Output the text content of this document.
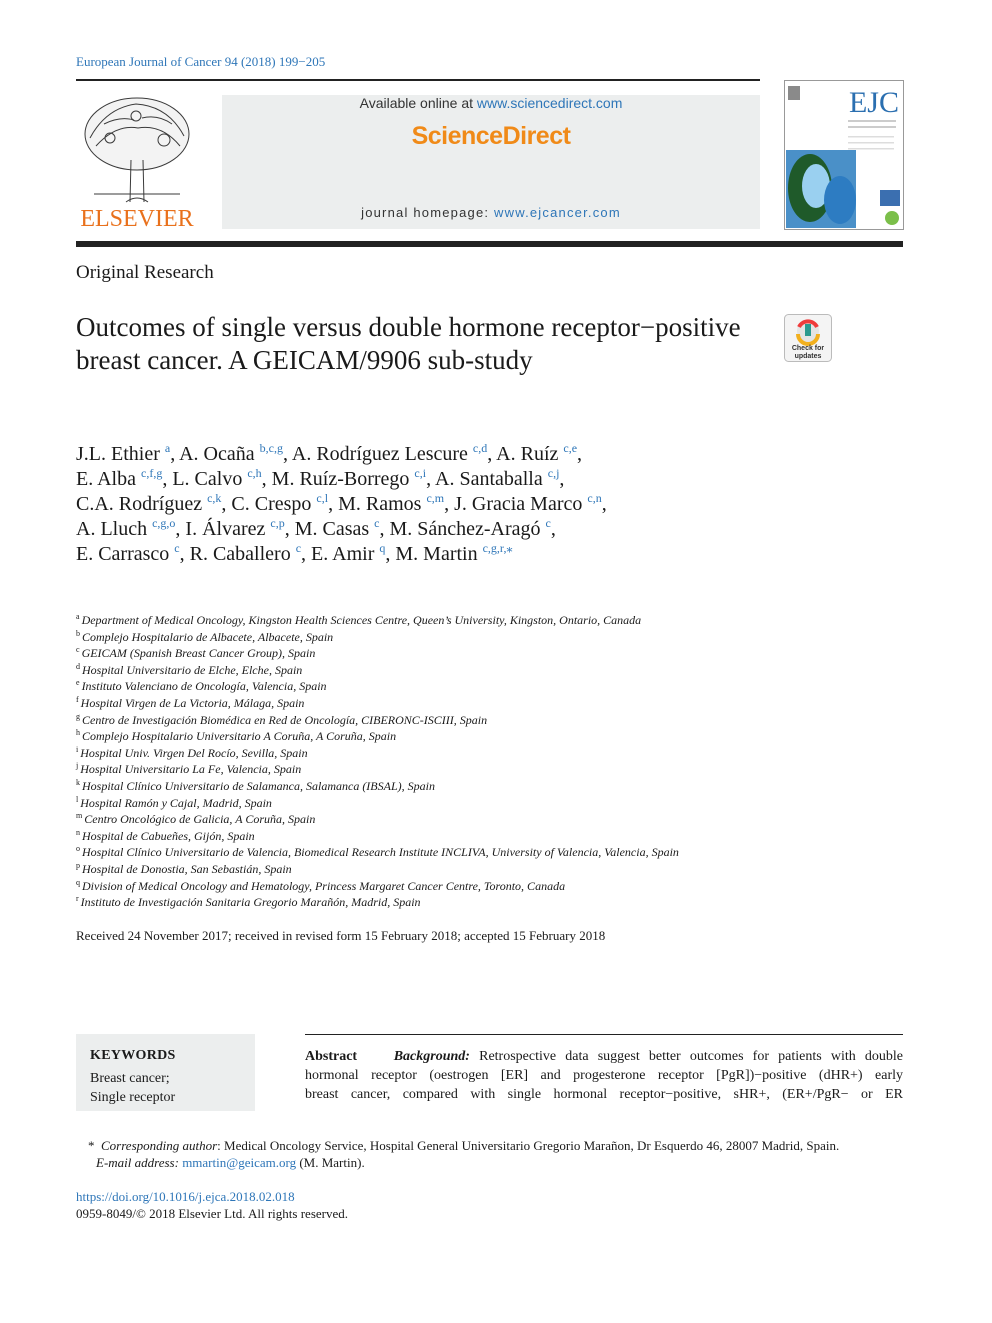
European Journal of Cancer 94 (2018) 199−205
ELSEVIER
Available online at www.sciencedirect.com
ScienceDirect
journal homepage: www.ejcancer.com
EJC
Original Research
Outcomes of single versus double hormone receptor−positive breast cancer. A GEICAM/9906 sub-study	Check for
updates
J.L. Ethier $^a$, A. Ocaña $^{b,c,g}$, A. Rodríguez Lescure $^{c,d}$, A. Ruíz $^{c,e}$,
E. Alba $^{c,f,g}$, L. Calvo $^{c,h}$, M. Ruíz-Borrego $^{c,i}$, A. Santaballa $^{c,j}$,
C.A. Rodríguez $^{c,k}$, C. Crespo $^{c,l}$, M. Ramos $^{c,m}$, J. Gracia Marco $^{c,n}$,
A. Lluch $^{c,g,o}$, I. Álvarez $^{c,p}$, M. Casas $^c$, M. Sánchez-Aragó $^c$,
E. Carrasco $^c$, R. Caballero $^c$, E. Amir $^q$, M. Martin $^{c,g,r,⁎}$
$^a$ Department of Medical Oncology, Kingston Health Sciences Centre, Queen’s University, Kingston, Ontario, Canada
$^b$ Complejo Hospitalario de Albacete, Albacete, Spain
$^c$ GEICAM (Spanish Breast Cancer Group), Spain
$^d$ Hospital Universitario de Elche, Elche, Spain
$^e$ Instituto Valenciano de Oncología, Valencia, Spain
$^f$ Hospital Virgen de La Victoria, Málaga, Spain
$^g$ Centro de Investigación Biomédica en Red de Oncología, CIBERONC-ISCIII, Spain
$^h$ Complejo Hospitalario Universitario A Coruña, A Coruña, Spain
$^i$ Hospital Univ. Virgen Del Rocío, Sevilla, Spain
$^j$ Hospital Universitario La Fe, Valencia, Spain
$^k$ Hospital Clínico Universitario de Salamanca, Salamanca (IBSAL), Spain
$^l$ Hospital Ramón y Cajal, Madrid, Spain
$^m$ Centro Oncológico de Galicia, A Coruña, Spain
$^n$ Hospital de Cabueñes, Gijón, Spain
$^o$ Hospital Clínico Universitario de Valencia, Biomedical Research Institute INCLIVA, University of Valencia, Valencia, Spain
$^p$ Hospital de Donostia, San Sebastián, Spain
$^q$ Division of Medical Oncology and Hematology, Princess Margaret Cancer Centre, Toronto, Canada
$^r$ Instituto de Investigación Sanitaria Gregorio Marañón, Madrid, Spain
Received 24 November 2017; received in revised form 15 February 2018; accepted 15 February 2018
KEYWORDS
Breast cancer;
Single receptor
Abstract	Background: Retrospective data suggest better outcomes for patients with double
hormonal receptor (oestrogen [ER] and progesterone receptor [PgR])−positive (dHR+) early
breast cancer, compared with single hormonal receptor−positive, sHR+, (ER+/PgR− or ER
* Corresponding author: Medical Oncology Service, Hospital General Universitario Gregorio Marañon, Dr Esquerdo 46, 28007 Madrid, Spain.
E-mail address: mmartin@geicam.org (M. Martin).
https://doi.org/10.1016/j.ejca.2018.02.018
0959-8049/© 2018 Elsevier Ltd. All rights reserved.
